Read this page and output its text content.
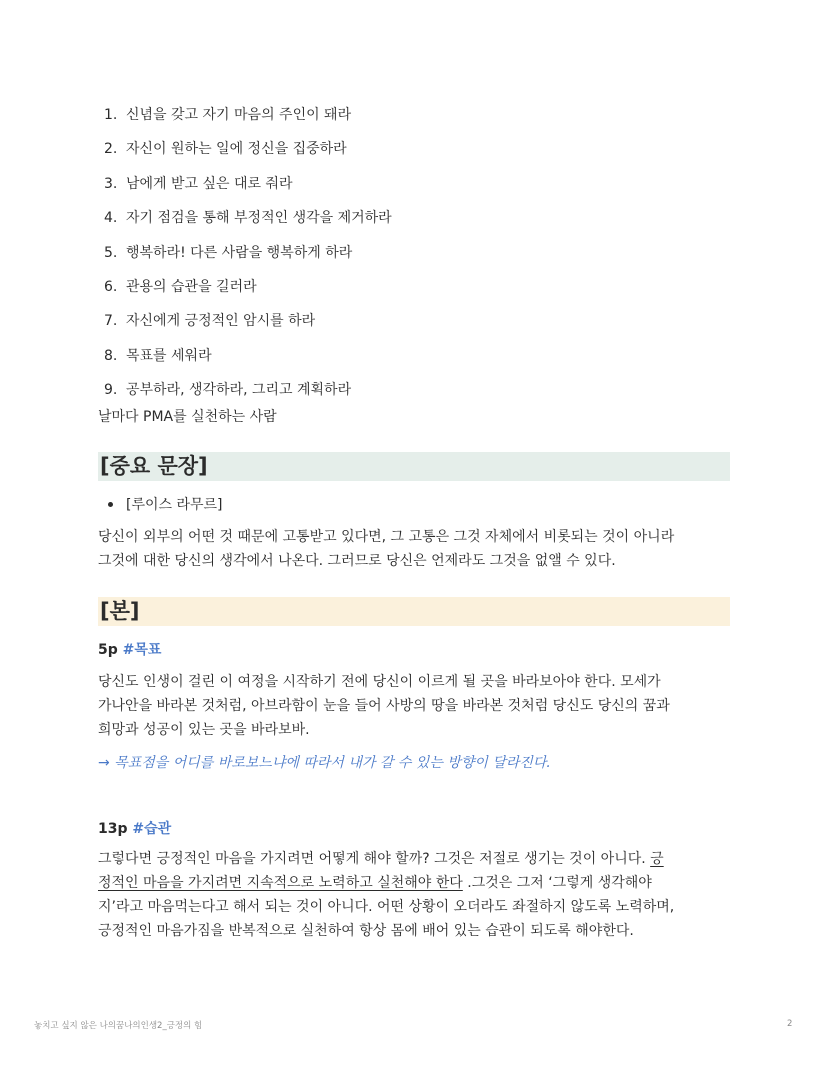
1. 신념을 갖고 자기 마음의 주인이 돼라
2. 자신이 원하는 일에 정신을 집중하라
3. 남에게 받고 싶은 대로 줘라
4. 자기 점검을 통해 부정적인 생각을 제거하라
5. 행복하라! 다른 사람을 행복하게 하라
6. 관용의 습관을 길러라
7. 자신에게 긍정적인 암시를 하라
8. 목표를 세워라
9. 공부하라, 생각하라, 그리고 계획하라
날마다 PMA를 실천하는 사람
[중요 문장]
[루이스 라무르]
당신이 외부의 어떤 것 때문에 고통받고 있다면, 그 고통은 그것 자체에서 비롯되는 것이 아니라
그것에 대한 당신의 생각에서 나온다. 그러므로 당신은 언제라도 그것을 없앨 수 있다.
[본]
5p #목표
당신도 인생이 걸린 이 여정을 시작하기 전에 당신이 이르게 될 곳을 바라보아야 한다. 모세가
가나안을 바라본 것처럼, 아브라함이 눈을 들어 사방의 땅을 바라본 것처럼 당신도 당신의 꿈과
희망과 성공이 있는 곳을 바라보바.
→ 목표점을 어디를 바로보느냐에 따라서 내가 갈 수 있는 방향이 달라진다.
13p #습관
그렇다면 긍정적인 마음을 가지려면 어떻게 해야 할까? 그것은 저절로 생기는 것이 아니다. 긍
정적인 마음을 가지려면 지속적으로 노력하고 실천해야 한다 .그것은 그저 ‘그렇게 생각해야
지’라고 마음먹는다고 해서 되는 것이 아니다. 어떤 상황이 오더라도 좌절하지 않도록 노력하며,
긍정적인 마음가짐을 반복적으로 실천하여 항상 몸에 배어 있는 습관이 되도록 해야한다.
놓치고 싶지 않은 나의꿈나의인생2_긍정의 힘	2
